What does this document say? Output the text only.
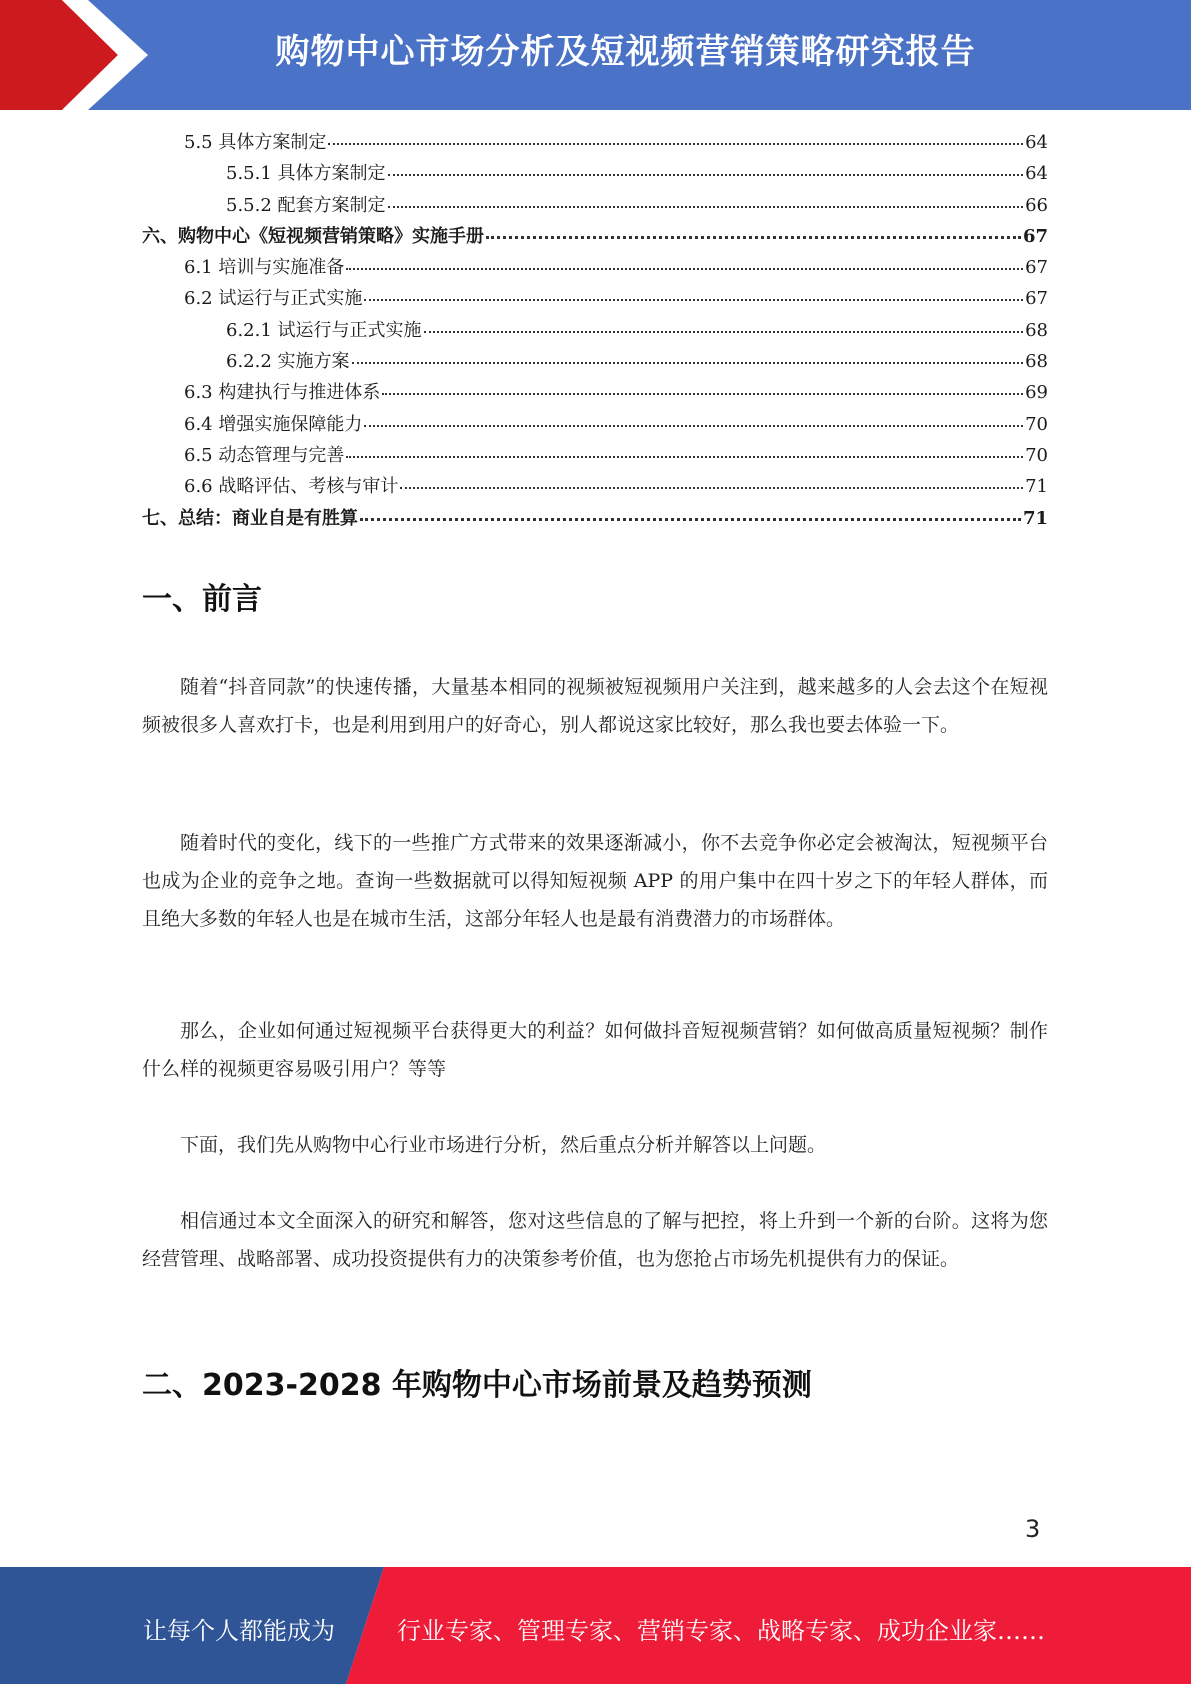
购物中心市场分析及短视频营销策略研究报告
5.5 具体方案制定	64
5.5.1 具体方案制定	64
5.5.2 配套方案制定	66
六、购物中心《短视频营销策略》实施手册	67
6.1 培训与实施准备	67
6.2 试运行与正式实施	67
6.2.1 试运行与正式实施	68
6.2.2 实施方案	68
6.3 构建执行与推进体系	69
6.4 增强实施保障能力	70
6.5 动态管理与完善	70
6.6 战略评估、考核与审计	71
七、总结：商业自是有胜算	71
一、前言

随着“抖音同款”的快速传播，大量基本相同的视频被短视频用户关注到，越来越多的人会去这个在短视频被很多人喜欢打卡，也是利用到用户的好奇心，别人都说这家比较好，那么我也要去体验一下。

随着时代的变化，线下的一些推广方式带来的效果逐渐减小，你不去竞争你必定会被淘汰，短视频平台也成为企业的竞争之地。查询一些数据就可以得知短视频 APP 的用户集中在四十岁之下的年轻人群体，而且绝大多数的年轻人也是在城市生活，这部分年轻人也是最有消费潜力的市场群体。

那么，企业如何通过短视频平台获得更大的利益？如何做抖音短视频营销？如何做高质量短视频？制作什么样的视频更容易吸引用户？等等

下面，我们先从购物中心行业市场进行分析，然后重点分析并解答以上问题。

相信通过本文全面深入的研究和解答，您对这些信息的了解与把控，将上升到一个新的台阶。这将为您经营管理、战略部署、成功投资提供有力的决策参考价值，也为您抢占市场先机提供有力的保证。

二、2023-2028 年购物中心市场前景及趋势预测
3
让每个人都能成为	行业专家、管理专家、营销专家、战略专家、成功企业家……
